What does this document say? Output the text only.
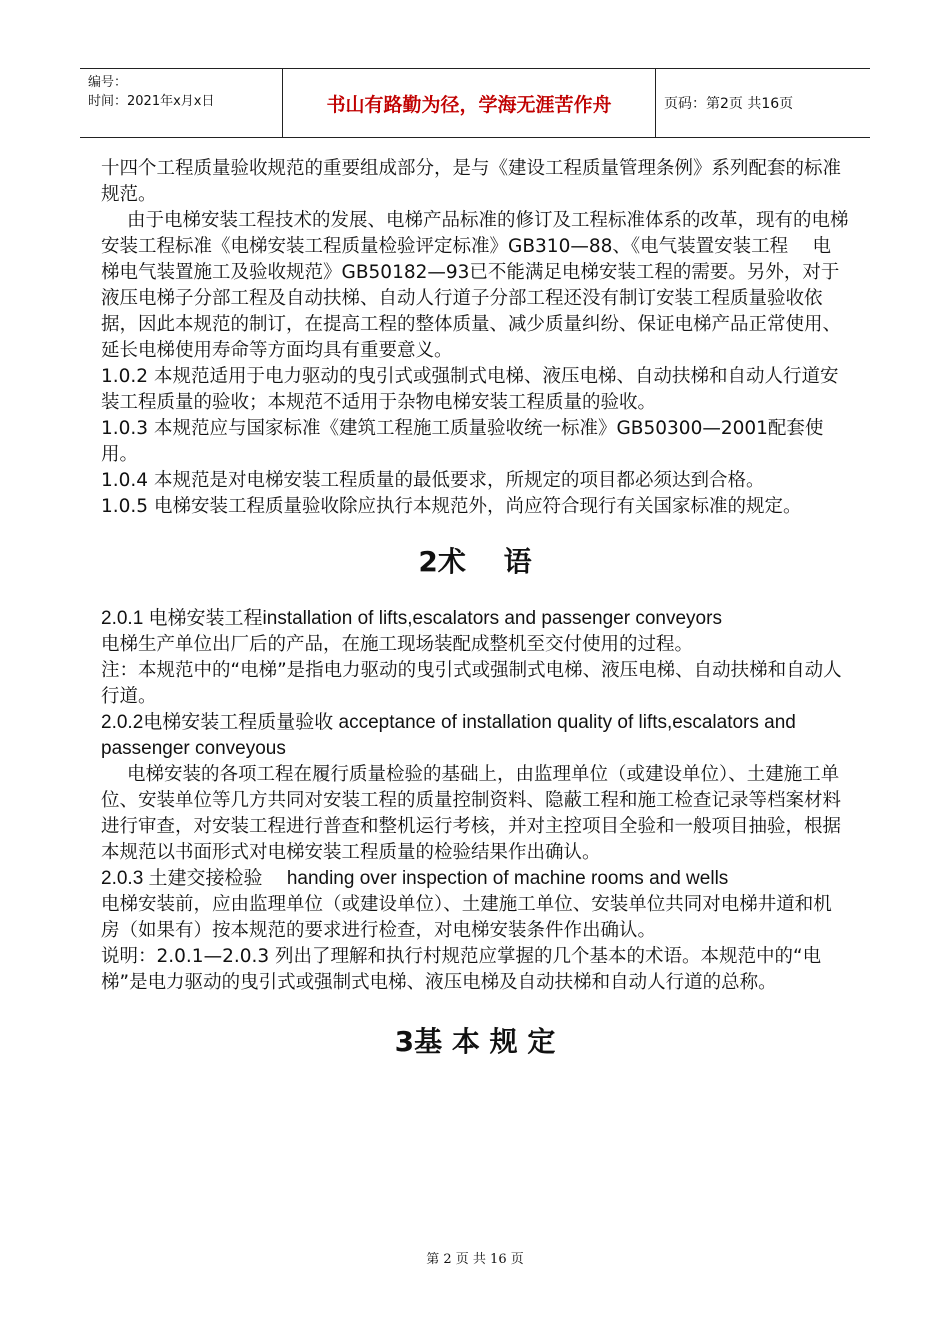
编号：
时间：2021年x月x日	书山有路勤为径，学海无涯苦作舟	页码：第2页 共16页

十四个工程质量验收规范的重要组成部分，是与《建设工程质量管理条例》系列配套的标准规范。

由于电梯安装工程技术的发展、电梯产品标准的修订及工程标准体系的改革，现有的电梯安装工程标准《电梯安装工程质量检验评定标准》GB310—88、《电气装置安装工程　 电梯电气装置施工及验收规范》GB50182—93已不能满足电梯安装工程的需要。另外，对于液压电梯子分部工程及自动扶梯、自动人行道子分部工程还没有制订安装工程质量验收依据，因此本规范的制订，在提高工程的整体质量、减少质量纠纷、保证电梯产品正常使用、延长电梯使用寿命等方面均具有重要意义。

1.0.2 本规范适用于电力驱动的曳引式或强制式电梯、液压电梯、自动扶梯和自动人行道安装工程质量的验收；本规范不适用于杂物电梯安装工程质量的验收。

1.0.3 本规范应与国家标准《建筑工程施工质量验收统一标准》GB50300—2001配套使用。

1.0.4 本规范是对电梯安装工程质量的最低要求，所规定的项目都必须达到合格。

1.0.5 电梯安装工程质量验收除应执行本规范外，尚应符合现行有关国家标准的规定。

2术　 语

2.0.1 电梯安装工程installation of lifts,escalators and passenger conveyors

电梯生产单位出厂后的产品，在施工现场装配成整机至交付使用的过程。

注：本规范中的“电梯”是指电力驱动的曳引式或强制式电梯、液压电梯、自动扶梯和自动人行道。

2.0.2电梯安装工程质量验收 acceptance of installation quality of lifts,escalators and passenger conveyous

电梯安装的各项工程在履行质量检验的基础上，由监理单位（或建设单位）、土建施工单位、安装单位等几方共同对安装工程的质量控制资料、隐蔽工程和施工检查记录等档案材料进行审查，对安装工程进行普查和整机运行考核，并对主控项目全验和一般项目抽验，根据本规范以书面形式对电梯安装工程质量的检验结果作出确认。

2.0.3 土建交接检验　 handing over inspection of machine rooms and wells

电梯安装前，应由监理单位（或建设单位）、土建施工单位、安装单位共同对电梯井道和机房（如果有）按本规范的要求进行检查，对电梯安装条件作出确认。

说明：2.0.1—2.0.3 列出了理解和执行村规范应掌握的几个基本的术语。本规范中的“电梯”是电力驱动的曳引式或强制式电梯、液压电梯及自动扶梯和自动人行道的总称。

3基 本 规 定

第 2 页 共 16 页
